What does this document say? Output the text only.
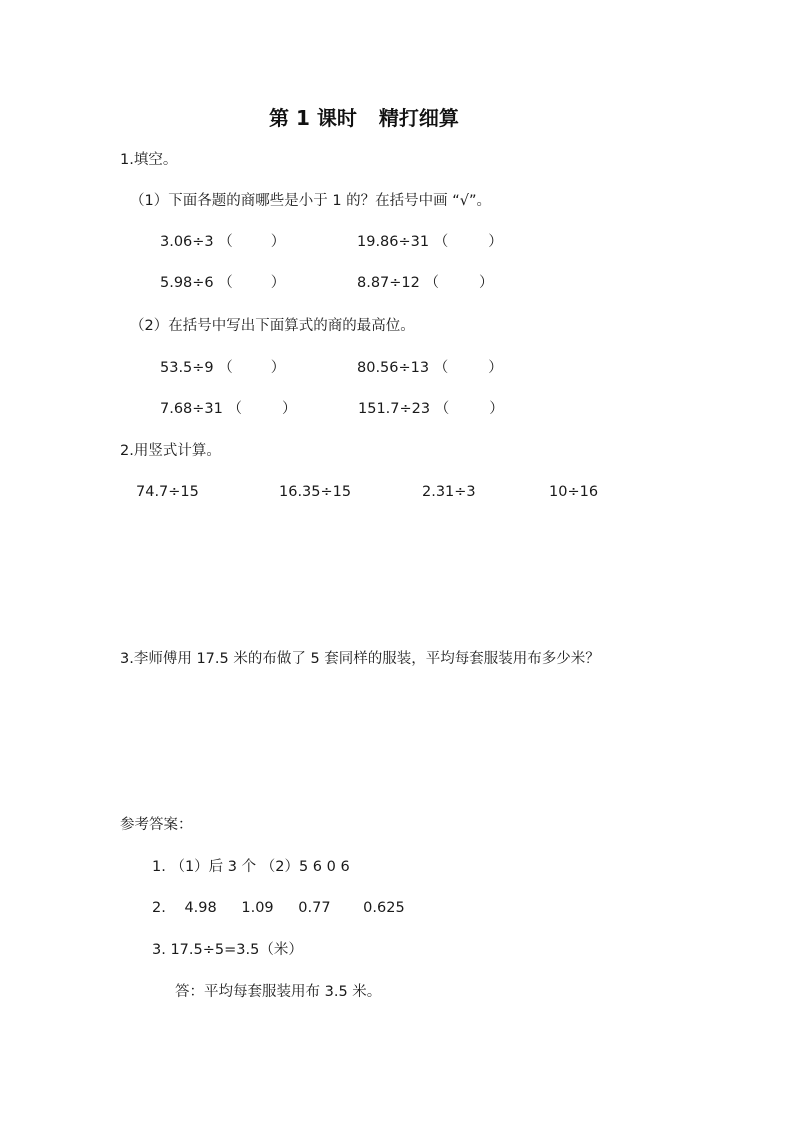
第 1 课时 精打细算
1.填空。
（1）下面各题的商哪些是小于 1 的？在括号中画 “√”。
3.06÷3 （	）	19.86÷31 （	）
5.98÷6 （	）	8.87÷12 （	）
（2）在括号中写出下面算式的商的最高位。
53.5÷9 （	）	80.56÷13 （	）
7.68÷31 （	）	151.7÷23 （	）
2.用竖式计算。
74.7÷15	16.35÷15	2.31÷3	10÷16
3.李师傅用 17.5 米的布做了 5 套同样的服装，平均每套服装用布多少米？
参考答案：
1. （1）后 3 个 （2）5 6 0 6
2. 4.98 1.09 0.77 0.625
3. 17.5÷5=3.5（米）
答：平均每套服装用布 3.5 米。
